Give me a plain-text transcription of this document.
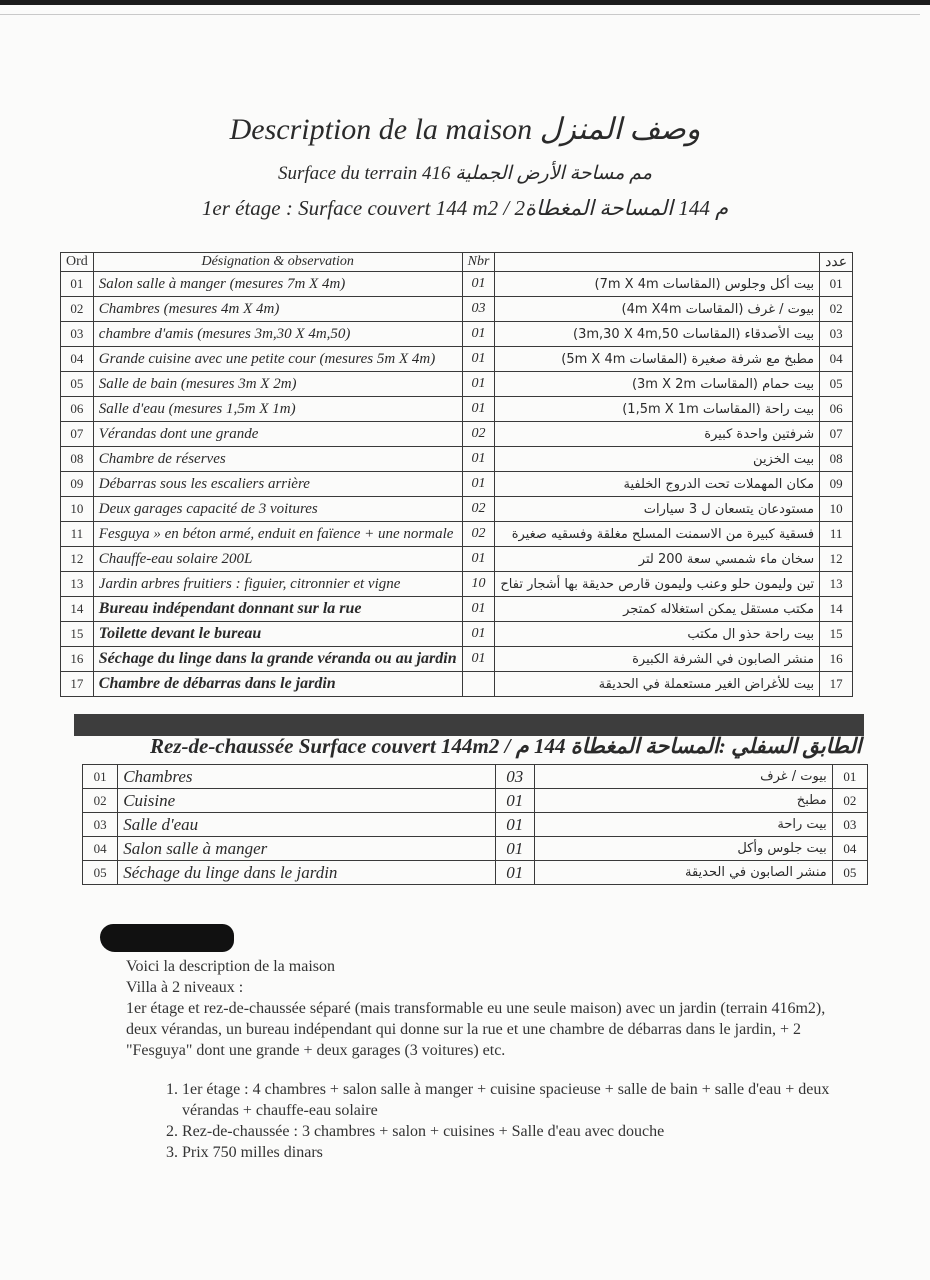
Description de la maison وصف المنزل
Surface du terrain 416 مم مساحة الأرض الجملية
1er étage : Surface couvert 144 m2 / 2م 144 المساحة المغطاة
Ord	Désignation & observation	Nbr		عدد
01	Salon salle à manger (mesures 7m X 4m)	01	بيت أكل وجلوس (المقاسات 7m X 4m)	01
02	Chambres (mesures 4m X 4m)	03	بيوت / غرف (المقاسات 4m X4m)	02
03	chambre d'amis (mesures 3m,30 X 4m,50)	01	بيت الأصدقاء (المقاسات 3m,30 X 4m,50)	03
04	Grande cuisine avec une petite cour (mesures 5m X 4m)	01	مطبخ مع شرفة صغيرة (المقاسات 5m X 4m)	04
05	Salle de bain (mesures 3m X 2m)	01	بيت حمام (المقاسات 3m X 2m)	05
06	Salle d'eau (mesures 1,5m X 1m)	01	بيت راحة (المقاسات 1,5m X 1m)	06
07	Vérandas dont une grande	02	شرفتين واحدة كبيرة	07
08	Chambre de réserves	01	بيت الخزين	08
09	Débarras sous les escaliers arrière	01	مكان المهملات تحت الدروج الخلفية	09
10	Deux garages capacité de 3 voitures	02	مستودعان يتسعان ل 3 سيارات	10
11	Fesguya » en béton armé, enduit en faïence + une normale	02	فسقية كبيرة من الاسمنت المسلح مغلقة وفسقيه صغيرة	11
12	Chauffe-eau solaire 200L	01	سخان ماء شمسي سعة 200 لتر	12
13	Jardin arbres fruitiers : figuier, citronnier et vigne	10	تين وليمون حلو وعنب وليمون قارص حديقة بها أشجار تفاح	13
14	Bureau indépendant donnant sur la rue	01	مكتب مستقل يمكن استغلاله كمتجر	14
15	Toilette devant le bureau	01	بيت راحة حذو ال مكتب	15
16	Séchage du linge dans la grande véranda ou au jardin	01	منشر الصابون في الشرفة الكبيرة	16
17	Chambre de débarras dans le jardin		بيت للأغراض الغير مستعملة في الحديقة	17
Rez-de-chaussée Surface couvert 144m2 / الطابق السفلي :المساحة المغطاة 144 م
01	Chambres	03	بيوت / غرف	01
02	Cuisine	01	مطبخ	02
03	Salle d'eau	01	بيت راحة	03
04	Salon salle à manger	01	بيت جلوس وأكل	04
05	Séchage du linge dans le jardin	01	منشر الصابون في الحديقة	05

Voici la description de la maison

Villa à 2 niveaux :

1er étage et rez-de-chaussée séparé (mais transformable eu une seule maison) avec un jardin (terrain 416m2), deux vérandas, un bureau indépendant qui donne sur la rue et une chambre de débarras dans le jardin, + 2 "Fesguya" dont une grande + deux garages (3 voitures) etc.

1. 1er étage : 4 chambres + salon salle à manger + cuisine spacieuse + salle de bain + salle d'eau + deux vérandas + chauffe-eau solaire
2. Rez-de-chaussée : 3 chambres + salon + cuisines + Salle d'eau avec douche
3. Prix 750 milles dinars
